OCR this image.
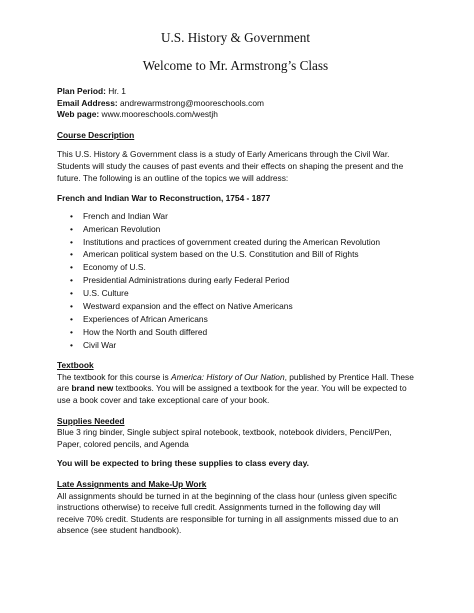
U.S. History & Government
Welcome to Mr. Armstrong’s Class

Plan Period: Hr. 1

Email Address: andrewarmstrong@mooreschools.com

Web page: www.mooreschools.com/westjh

Course Description

This U.S. History & Government class is a study of Early Americans through the Civil War.

Students will study the causes of past events and their effects on shaping the present and the

future. The following is an outline of the topics we will address:

French and Indian War to Reconstruction, 1754 - 1877
• French and Indian War
• American Revolution
• Institutions and practices of government created during the American Revolution
• American political system based on the U.S. Constitution and Bill of Rights
• Economy of U.S.
• Presidential Administrations during early Federal Period
• U.S. Culture
• Westward expansion and the effect on Native Americans
• Experiences of African Americans
• How the North and South differed
• Civil War
Textbook

The textbook for this course is America: History of Our Nation, published by Prentice Hall. These

are brand new textbooks. You will be assigned a textbook for the year. You will be expected to

use a book cover and take exceptional care of your book.

Supplies Needed

Blue 3 ring binder, Single subject spiral notebook, textbook, notebook dividers, Pencil/Pen,

Paper, colored pencils, and Agenda

You will be expected to bring these supplies to class every day.

Late Assignments and Make-Up Work

All assignments should be turned in at the beginning of the class hour (unless given specific

instructions otherwise) to receive full credit. Assignments turned in the following day will

receive 70% credit. Students are responsible for turning in all assignments missed due to an

absence (see student handbook).
